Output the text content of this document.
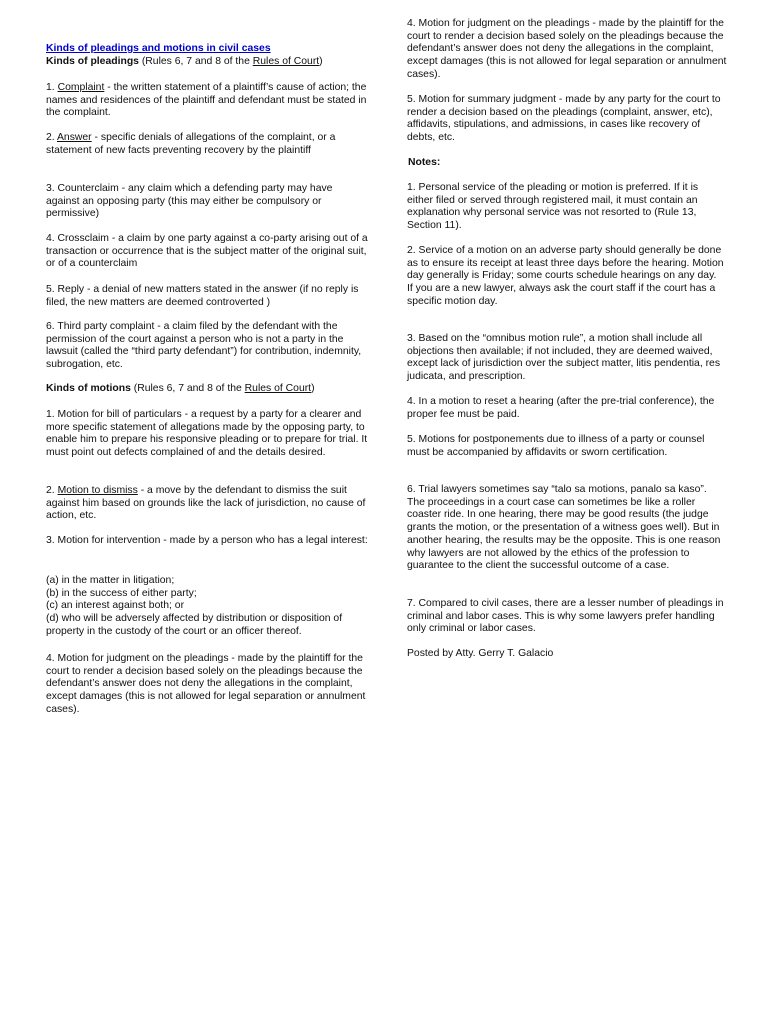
Kinds of pleadings and motions in civil cases
Kinds of pleadings (Rules 6, 7 and 8 of the Rules of Court)
1. Complaint - the written statement of a plaintiff’s cause of action; the names and residences of the plaintiff and defendant must be stated in the complaint.
2. Answer - specific denials of allegations of the complaint, or a statement of new facts preventing recovery by the plaintiff
3. Counterclaim - any claim which a defending party may have against an opposing party (this may either be compulsory or permissive)
4. Crossclaim - a claim by one party against a co-party arising out of a transaction or occurrence that is the subject matter of the original suit, or of a counterclaim
5. Reply - a denial of new matters stated in the answer (if no reply is filed, the new matters are deemed controverted )
6. Third party complaint - a claim filed by the defendant with the permission of the court against a person who is not a party in the lawsuit (called the “third party defendant”) for contribution, indemnity, subrogation, etc.
Kinds of motions (Rules 6, 7 and 8 of the Rules of Court)
1. Motion for bill of particulars - a request by a party for a clearer and more specific statement of allegations made by the opposing party, to enable him to prepare his responsive pleading or to prepare for trial. It must point out defects complained of and the details desired.
2. Motion to dismiss - a move by the defendant to dismiss the suit against him based on grounds like the lack of jurisdiction, no cause of action, etc.
3. Motion for intervention - made by a person who has a legal interest:
(a) in the matter in litigation;
(b) in the success of either party;
(c) an interest against both; or
(d) who will be adversely affected by distribution or disposition of property in the custody of the court or an officer thereof.
4. Motion for judgment on the pleadings - made by the plaintiff for the court to render a decision based solely on the pleadings because the defendant’s answer does not deny the allegations in the complaint, except damages (this is not allowed for legal separation or annulment cases).
4. Motion for judgment on the pleadings - made by the plaintiff for the court to render a decision based solely on the pleadings because the defendant’s answer does not deny the allegations in the complaint, except damages (this is not allowed for legal separation or annulment cases).
5. Motion for summary judgment - made by any party for the court to render a decision based on the pleadings (complaint, answer, etc), affidavits, stipulations, and admissions, in cases like recovery of debts, etc.
Notes:
1. Personal service of the pleading or motion is preferred. If it is either filed or served through registered mail, it must contain an explanation why personal service was not resorted to (Rule 13, Section 11).
2. Service of a motion on an adverse party should generally be done as to ensure its receipt at least three days before the hearing. Motion day generally is Friday; some courts schedule hearings on any day. If you are a new lawyer, always ask the court staff if the court has a specific motion day.
3. Based on the “omnibus motion rule”, a motion shall include all objections then available; if not included, they are deemed waived, except lack of jurisdiction over the subject matter, litis pendentia, res judicata, and prescription.
4. In a motion to reset a hearing (after the pre-trial conference), the proper fee must be paid.
5. Motions for postponements due to illness of a party or counsel must be accompanied by affidavits or sworn certification.
6. Trial lawyers sometimes say “talo sa motions, panalo sa kaso”. The proceedings in a court case can sometimes be like a roller coaster ride. In one hearing, there may be good results (the judge grants the motion, or the presentation of a witness goes well). But in another hearing, the results may be the opposite. This is one reason why lawyers are not allowed by the ethics of the profession to guarantee to the client the successful outcome of a case.
7. Compared to civil cases, there are a lesser number of pleadings in criminal and labor cases. This is why some lawyers prefer handling only criminal or labor cases.
Posted by Atty. Gerry T. Galacio
